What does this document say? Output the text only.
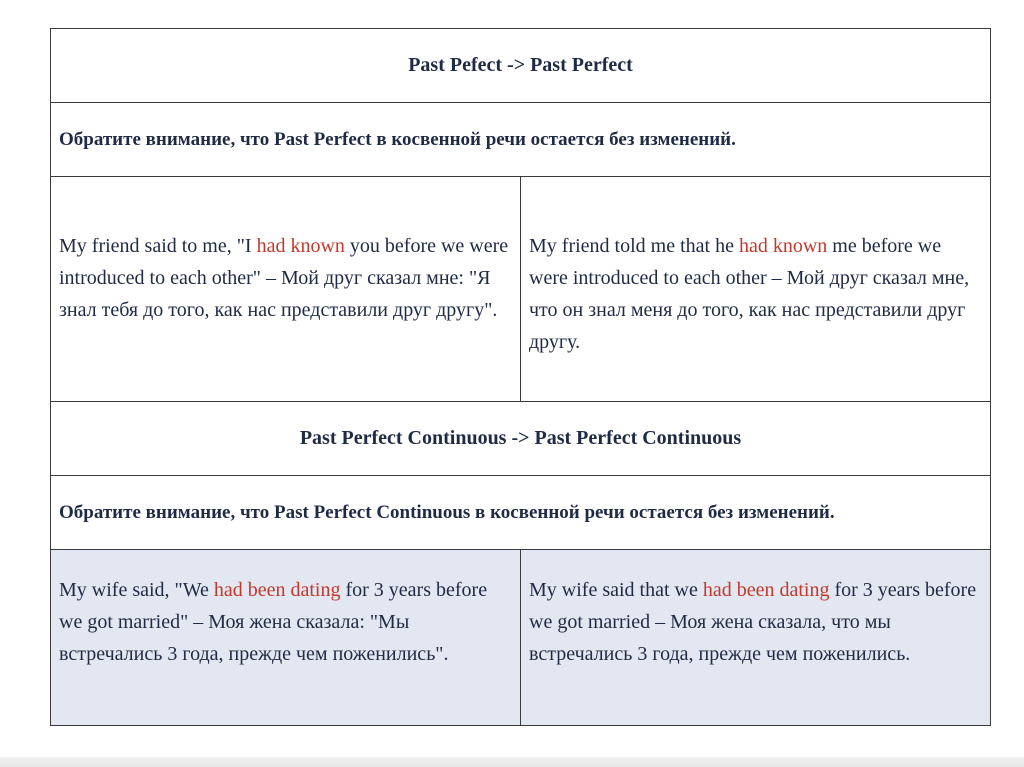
Past Pefect -> Past Perfect	
Обратите внимание, что Past Perfect в косвенной речи остается без изменений.	
My friend said to me, "I had known you before we were introduced to each other" – Мой друг сказал мне: "Я знал тебя до того, как нас представили друг другу".	My friend told me that he had known me before we were introduced to each other – Мой друг сказал мне, что он знал меня до того, как нас представили друг другу.
Past Perfect Continuous -> Past Perfect Continuous	
Обратите внимание, что Past Perfect Continuous в косвенной речи остается без изменений.	
My wife said, "We had been dating for 3 years before we got married" – Моя жена сказала: "Мы встречались 3 года, прежде чем поженились".	My wife said that we had been dating for 3 years before we got married – Моя жена сказала, что мы встречались 3 года, прежде чем поженились.
